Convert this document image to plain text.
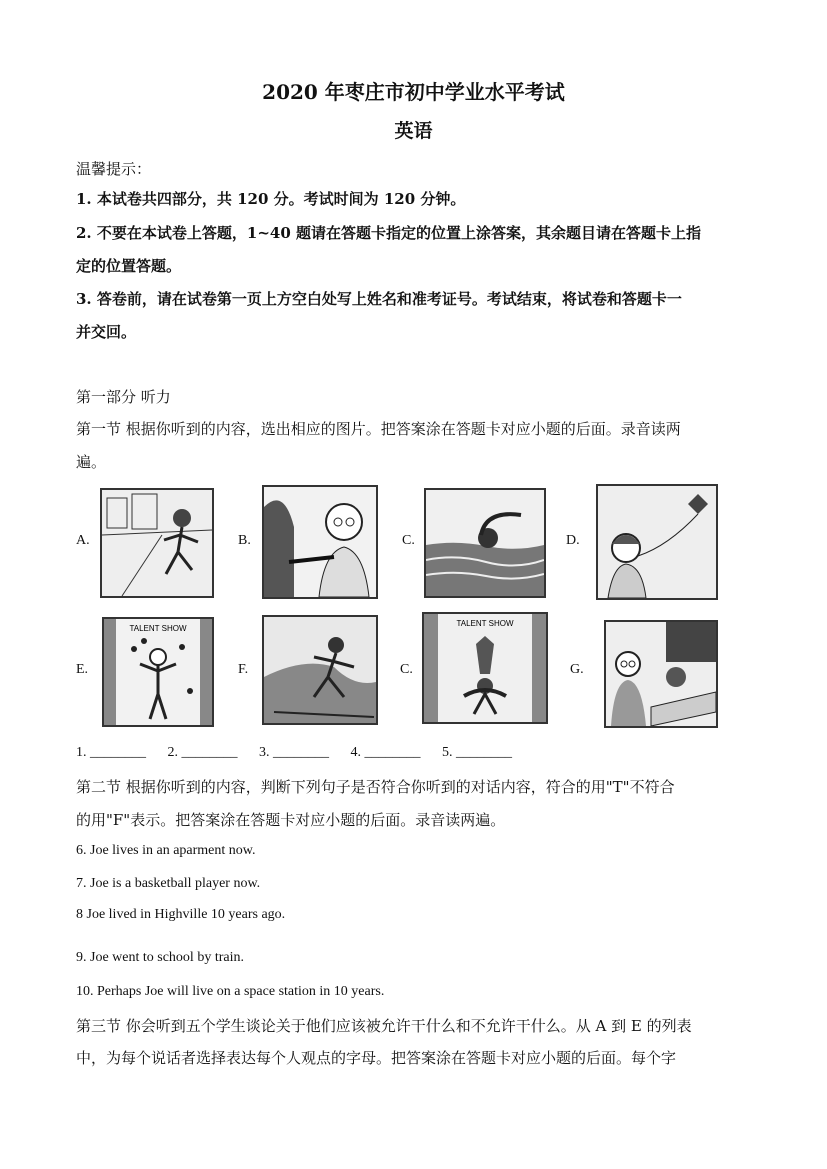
2020 年枣庄市初中学业水平考试
英语
温馨提示：
1. 本试卷共四部分，共 120 分。考试时间为 120 分钟。
2. 不要在本试卷上答题，1~40 题请在答题卡指定的位置上涂答案，其余题目请在答题卡上指
定的位置答题。
3. 答卷前，请在试卷第一页上方空白处写上姓名和准考证号。考试结束，将试卷和答题卡一
并交回。
第一部分 听力
第一节 根据你听到的内容，选出相应的图片。把答案涂在答题卡对应小题的后面。录音读两
遍。
A.	B.	C.	D.
E.
TALENT SHOW
F.	C.
TALENT SHOW
G.
1. ________ 2. ________ 3. ________ 4. ________ 5. ________
第二节 根据你听到的内容，判断下列句子是否符合你听到的对话内容，符合的用"T"不符合
的用"F"表示。把答案涂在答题卡对应小题的后面。录音读两遍。
6. Joe lives in an aparment now.
7. Joe is a basketball player now.
8 Joe lived in Highville 10 years ago.
9. Joe went to school by train.
10. Perhaps Joe will live on a space station in 10 years.
第三节 你会听到五个学生谈论关于他们应该被允许干什么和不允许干什么。从 A 到 E 的列表
中，为每个说话者选择表达每个人观点的字母。把答案涂在答题卡对应小题的后面。每个字
